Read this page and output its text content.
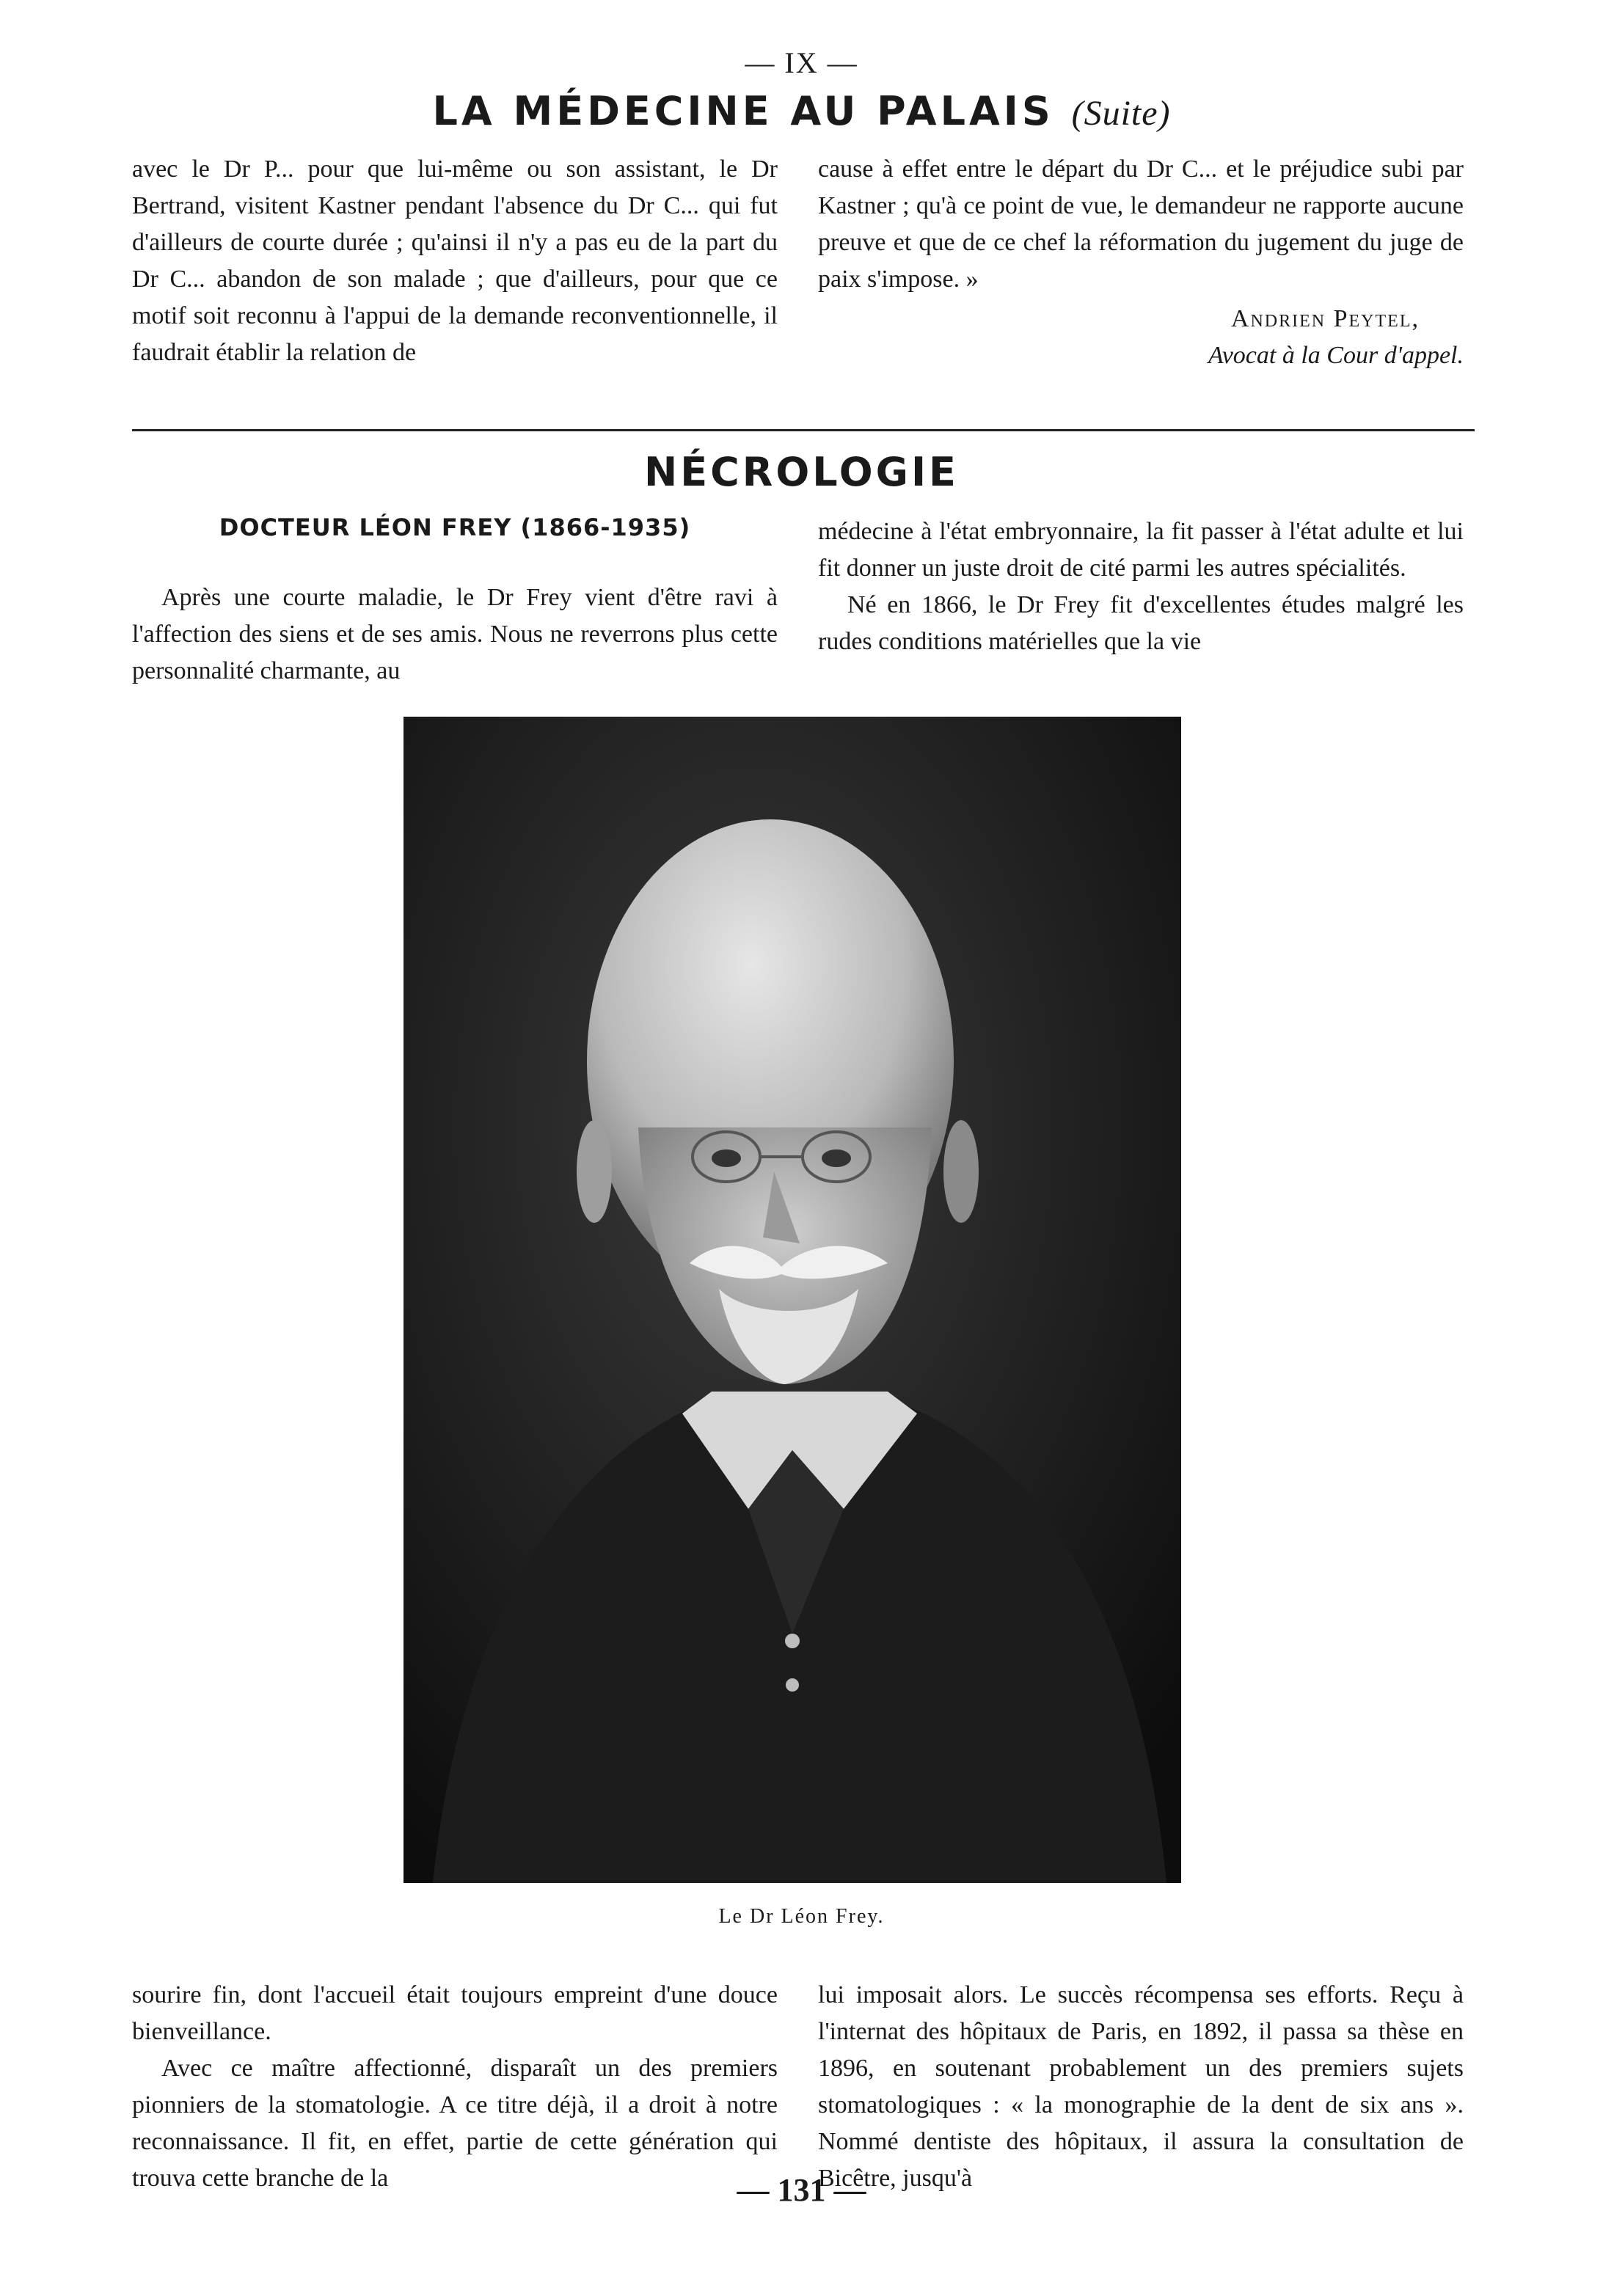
— IX —
LA MÉDECINE AU PALAIS (Suite)

avec le Dr P... pour que lui-même ou son assistant, le Dr Bertrand, visitent Kastner pendant l'absence du Dr C... qui fut d'ailleurs de courte durée ; qu'ainsi il n'y a pas eu de la part du Dr C... abandon de son malade ; que d'ailleurs, pour que ce motif soit reconnu à l'appui de la demande reconventionnelle, il faudrait établir la relation de

cause à effet entre le départ du Dr C... et le préjudice subi par Kastner ; qu'à ce point de vue, le demandeur ne rapporte aucune preuve et que de ce chef la réformation du jugement du juge de paix s'impose. »

Andrien Peytel,
Avocat à la Cour d'appel.
NÉCROLOGIE
DOCTEUR LÉON FREY (1866-1935)

Après une courte maladie, le Dr Frey vient d'être ravi à l'affection des siens et de ses amis. Nous ne reverrons plus cette personnalité charmante, au

médecine à l'état embryonnaire, la fit passer à l'état adulte et lui fit donner un juste droit de cité parmi les autres spécialités.

Né en 1866, le Dr Frey fit d'excellentes études malgré les rudes conditions matérielles que la vie

Le Dr Léon Frey.

sourire fin, dont l'accueil était toujours empreint d'une douce bienveillance.

Avec ce maître affectionné, disparaît un des premiers pionniers de la stomatologie. A ce titre déjà, il a droit à notre reconnaissance. Il fit, en effet, partie de cette génération qui trouva cette branche de la

lui imposait alors. Le succès récompensa ses efforts. Reçu à l'internat des hôpitaux de Paris, en 1892, il passa sa thèse en 1896, en soutenant probablement un des premiers sujets stomatologiques : « la monographie de la dent de six ans ». Nommé dentiste des hôpitaux, il assura la consultation de Bicêtre, jusqu'à

— 131 —
